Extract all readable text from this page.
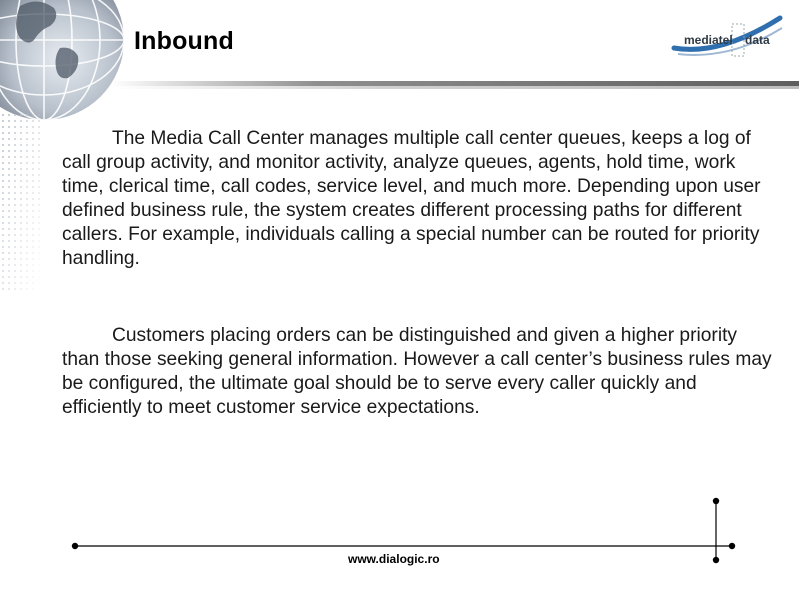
Inbound	mediatel data

The Media Call Center manages multiple call center queues, keeps a log of call group activity, and monitor activity, analyze queues, agents, hold time, work time, clerical time, call codes, service level, and much more. Depending upon user defined business rule, the system creates different processing paths for different callers. For example, individuals calling a special number can be routed for priority handling.

Customers placing orders can be distinguished and given a higher priority than those seeking general information. However a call center’s business rules may be configured, the ultimate goal should be to serve every caller quickly and efficiently to meet customer service expectations.

www.dialogic.ro
